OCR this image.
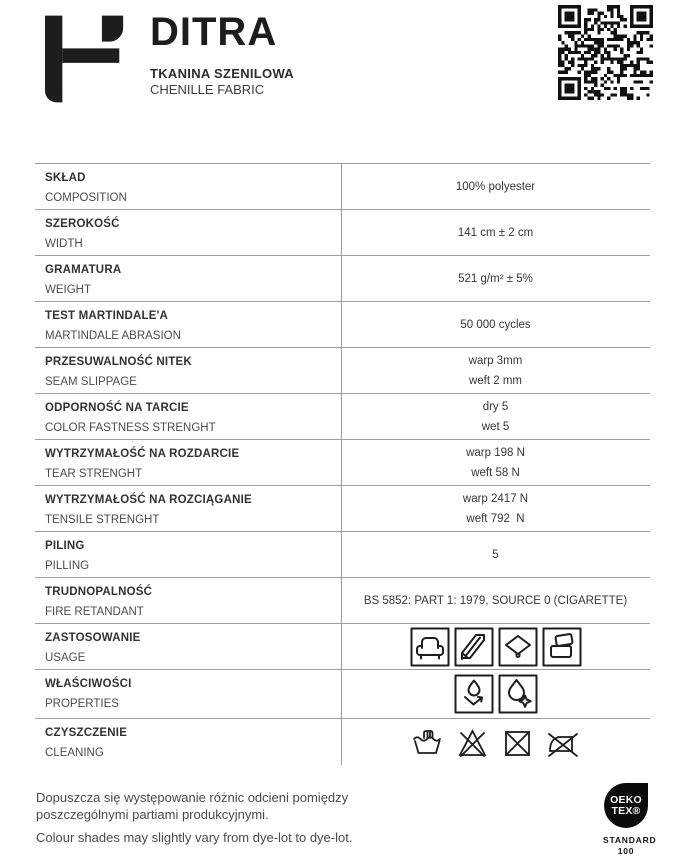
DITRA
TKANINA SZENILOWA
CHENILLE FABRIC
SKŁAD
COMPOSITION
100% polyester
SZEROKOŚĆ
WIDTH
141 cm ± 2 cm
GRAMATURA
WEIGHT
521 g/m² ± 5%
TEST MARTINDALE'A
MARTINDALE ABRASION
50 000 cycles
PRZESUWALNOŚĆ NITEK
SEAM SLIPPAGE
warp 3mm
weft 2 mm
ODPORNOŚĆ NA TARCIE
COLOR FASTNESS STRENGHT
dry 5
wet 5
WYTRZYMAŁOŚĆ NA ROZDARCIE
TEAR STRENGHT
warp 198 N
weft 58 N
WYTRZYMAŁOŚĆ NA ROZCIĄGANIE
TENSILE STRENGHT
warp 2417 N
weft 792  N
PILING
PILLING
5
TRUDNOPALNOŚĆ
FIRE RETANDANT
BS 5852: PART 1: 1979, SOURCE 0 (CIGARETTE)
ZASTOSOWANIE
USAGE
WŁAŚCIWOŚCI
PROPERTIES
CZYSZCZENIE
CLEANING
Dopuszcza się występowanie różnic odcieni pomiędzy poszczególnymi partiami produkcyjnymi.
Colour shades may slightly vary from dye-lot to dye-lot.
OEKO
TEX®
STANDARD
100
